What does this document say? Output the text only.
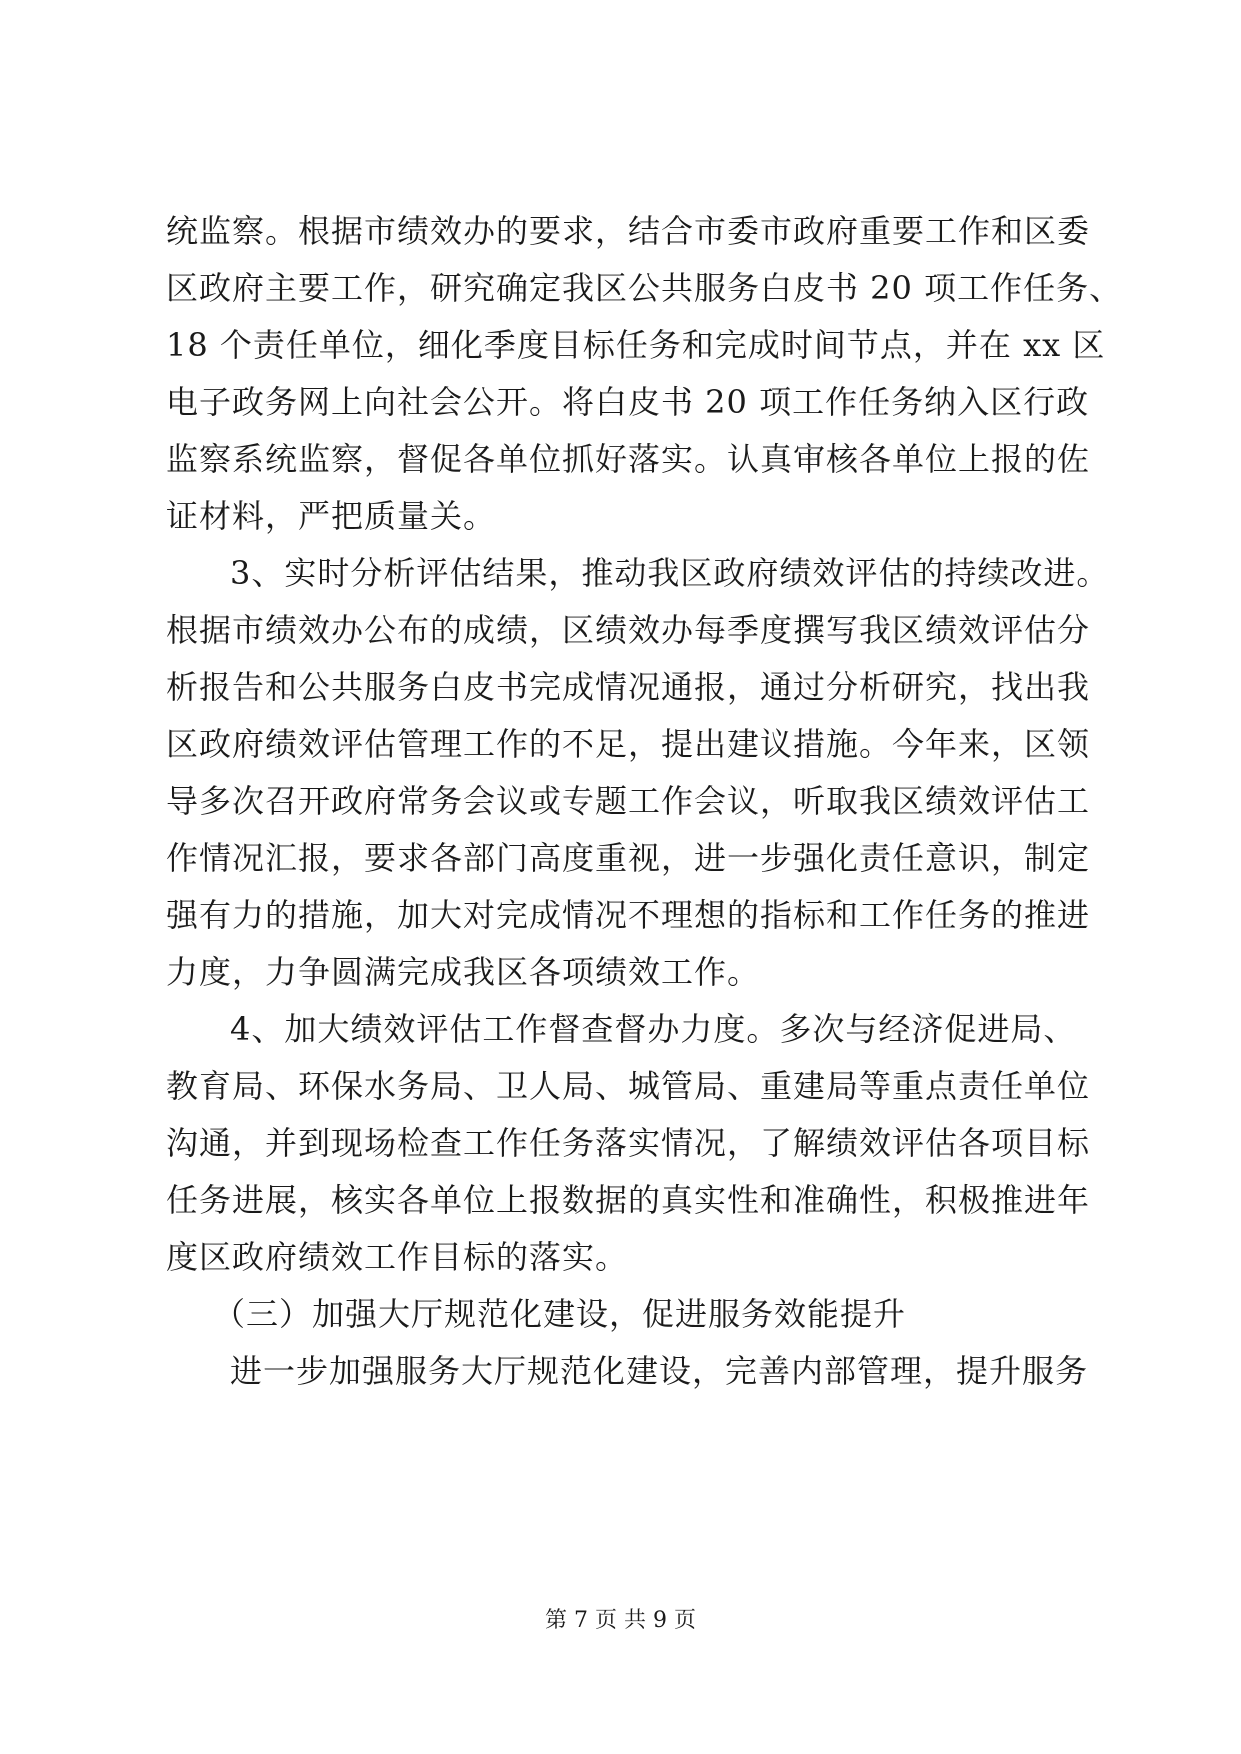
统监察。根据市绩效办的要求，结合市委市政府重要工作和区委
区政府主要工作，研究确定我区公共服务白皮书 20 项工作任务、
18 个责任单位，细化季度目标任务和完成时间节点，并在 xx 区
电子政务网上向社会公开。将白皮书 20 项工作任务纳入区行政
监察系统监察，督促各单位抓好落实。认真审核各单位上报的佐
证材料，严把质量关。
3、实时分析评估结果，推动我区政府绩效评估的持续改进。
根据市绩效办公布的成绩，区绩效办每季度撰写我区绩效评估分
析报告和公共服务白皮书完成情况通报，通过分析研究，找出我
区政府绩效评估管理工作的不足，提出建议措施。今年来，区领
导多次召开政府常务会议或专题工作会议，听取我区绩效评估工
作情况汇报，要求各部门高度重视，进一步强化责任意识，制定
强有力的措施，加大对完成情况不理想的指标和工作任务的推进
力度，力争圆满完成我区各项绩效工作。
4、加大绩效评估工作督查督办力度。多次与经济促进局、
教育局、环保水务局、卫人局、城管局、重建局等重点责任单位
沟通，并到现场检查工作任务落实情况，了解绩效评估各项目标
任务进展，核实各单位上报数据的真实性和准确性，积极推进年
度区政府绩效工作目标的落实。
（三）加强大厅规范化建设，促进服务效能提升
进一步加强服务大厅规范化建设，完善内部管理，提升服务
第 7 页 共 9 页
